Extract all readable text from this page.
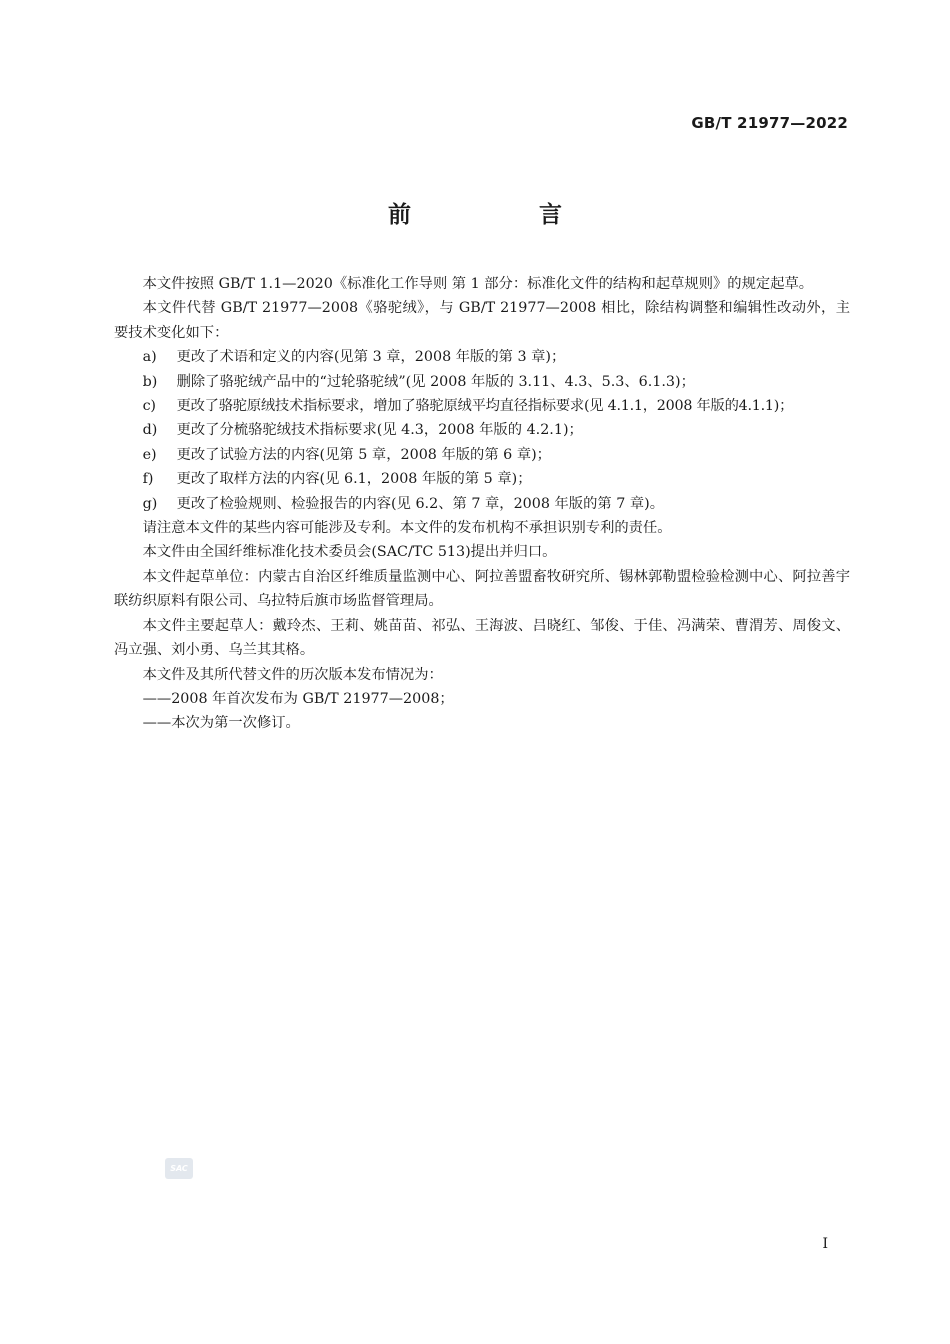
GB/T 21977—2022
前 言

本文件按照 GB/T 1.1—2020《标准化工作导则 第 1 部分：标准化文件的结构和起草规则》的规定起草。

本文件代替 GB/T 21977—2008《骆驼绒》，与 GB/T 21977—2008 相比，除结构调整和编辑性改动外，主要技术变化如下：

a) 更改了术语和定义的内容(见第 3 章，2008 年版的第 3 章)；

b) 删除了骆驼绒产品中的“过轮骆驼绒”(见 2008 年版的 3.11、4.3、5.3、6.1.3)；

c) 更改了骆驼原绒技术指标要求，增加了骆驼原绒平均直径指标要求(见 4.1.1，2008 年版的4.1.1)；

d) 更改了分梳骆驼绒技术指标要求(见 4.3，2008 年版的 4.2.1)；

e) 更改了试验方法的内容(见第 5 章，2008 年版的第 6 章)；

f) 更改了取样方法的内容(见 6.1，2008 年版的第 5 章)；

g) 更改了检验规则、检验报告的内容(见 6.2、第 7 章，2008 年版的第 7 章)。

请注意本文件的某些内容可能涉及专利。本文件的发布机构不承担识别专利的责任。

本文件由全国纤维标准化技术委员会(SAC/TC 513)提出并归口。

本文件起草单位：内蒙古自治区纤维质量监测中心、阿拉善盟畜牧研究所、锡林郭勒盟检验检测中心、阿拉善宇联纺织原料有限公司、乌拉特后旗市场监督管理局。

本文件主要起草人：戴玲杰、王莉、姚苗苗、祁弘、王海波、吕晓红、邹俊、于佳、冯满荣、曹渭芳、周俊文、冯立强、刘小勇、乌兰其其格。

本文件及其所代替文件的历次版本发布情况为：

——2008 年首次发布为 GB/T 21977—2008；

——本次为第一次修订。

SAC
I
